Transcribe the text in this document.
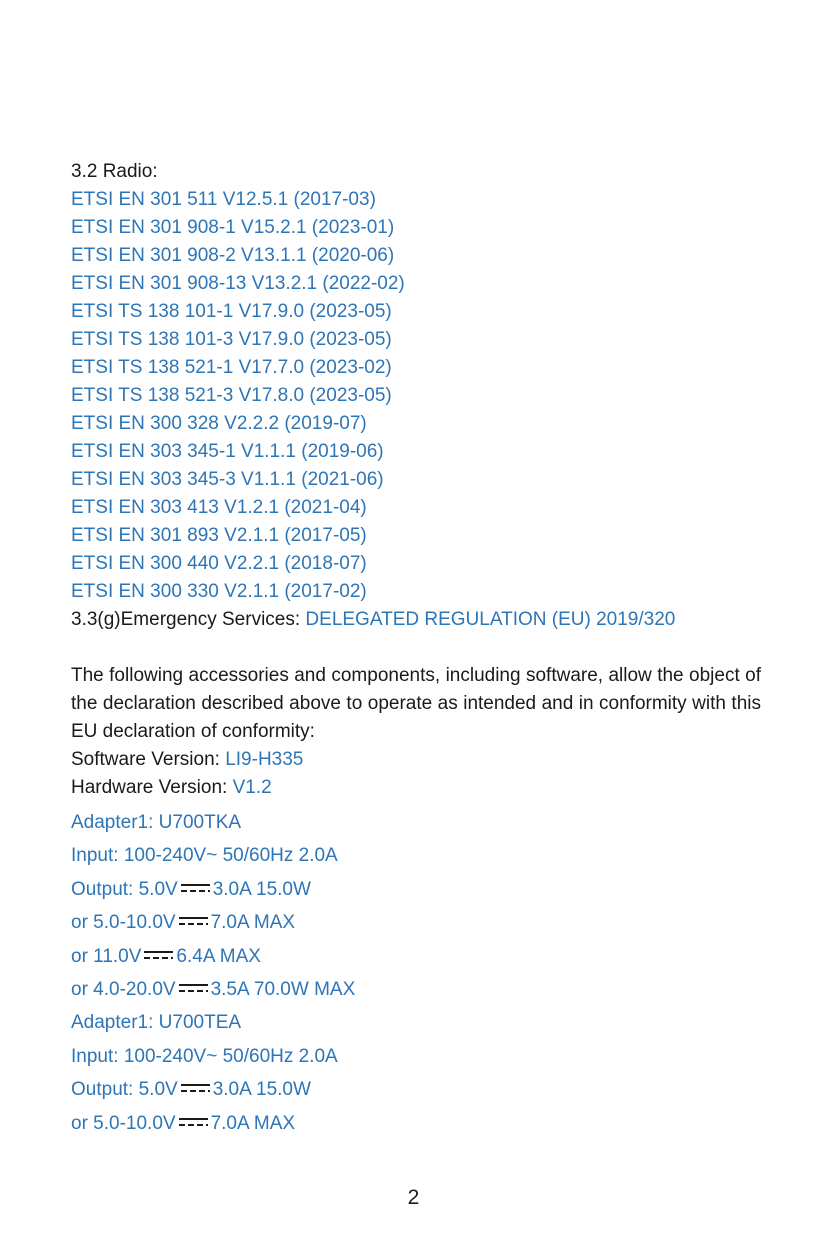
3.2 Radio:
ETSI EN 301 511 V12.5.1 (2017-03)
ETSI EN 301 908-1 V15.2.1 (2023-01)
ETSI EN 301 908-2 V13.1.1 (2020-06)
ETSI EN 301 908-13 V13.2.1 (2022-02)
ETSI TS 138 101-1 V17.9.0 (2023-05)
ETSI TS 138 101-3 V17.9.0 (2023-05)
ETSI TS 138 521-1 V17.7.0 (2023-02)
ETSI TS 138 521-3 V17.8.0 (2023-05)
ETSI EN 300 328 V2.2.2 (2019-07)
ETSI EN 303 345-1 V1.1.1 (2019-06)
ETSI EN 303 345-3 V1.1.1 (2021-06)
ETSI EN 303 413 V1.2.1 (2021-04)
ETSI EN 301 893 V2.1.1 (2017-05)
ETSI EN 300 440 V2.2.1 (2018-07)
ETSI EN 300 330 V2.1.1 (2017-02)
3.3(g)Emergency Services: DELEGATED REGULATION (EU) 2019/320
The following accessories and components, including software, allow the object of the declaration described above to operate as intended and in conformity with this EU declaration of conformity:
Software Version: LI9-H335
Hardware Version: V1.2
Adapter1: U700TKA
Input: 100-240V~ 50/60Hz 2.0A
Output: 5.0V 3.0A 15.0W
or 5.0-10.0V 7.0A MAX
or 11.0V 6.4A MAX
or 4.0-20.0V 3.5A 70.0W MAX
Adapter1: U700TEA
Input: 100-240V~ 50/60Hz 2.0A
Output: 5.0V 3.0A 15.0W
or 5.0-10.0V 7.0A MAX
2
